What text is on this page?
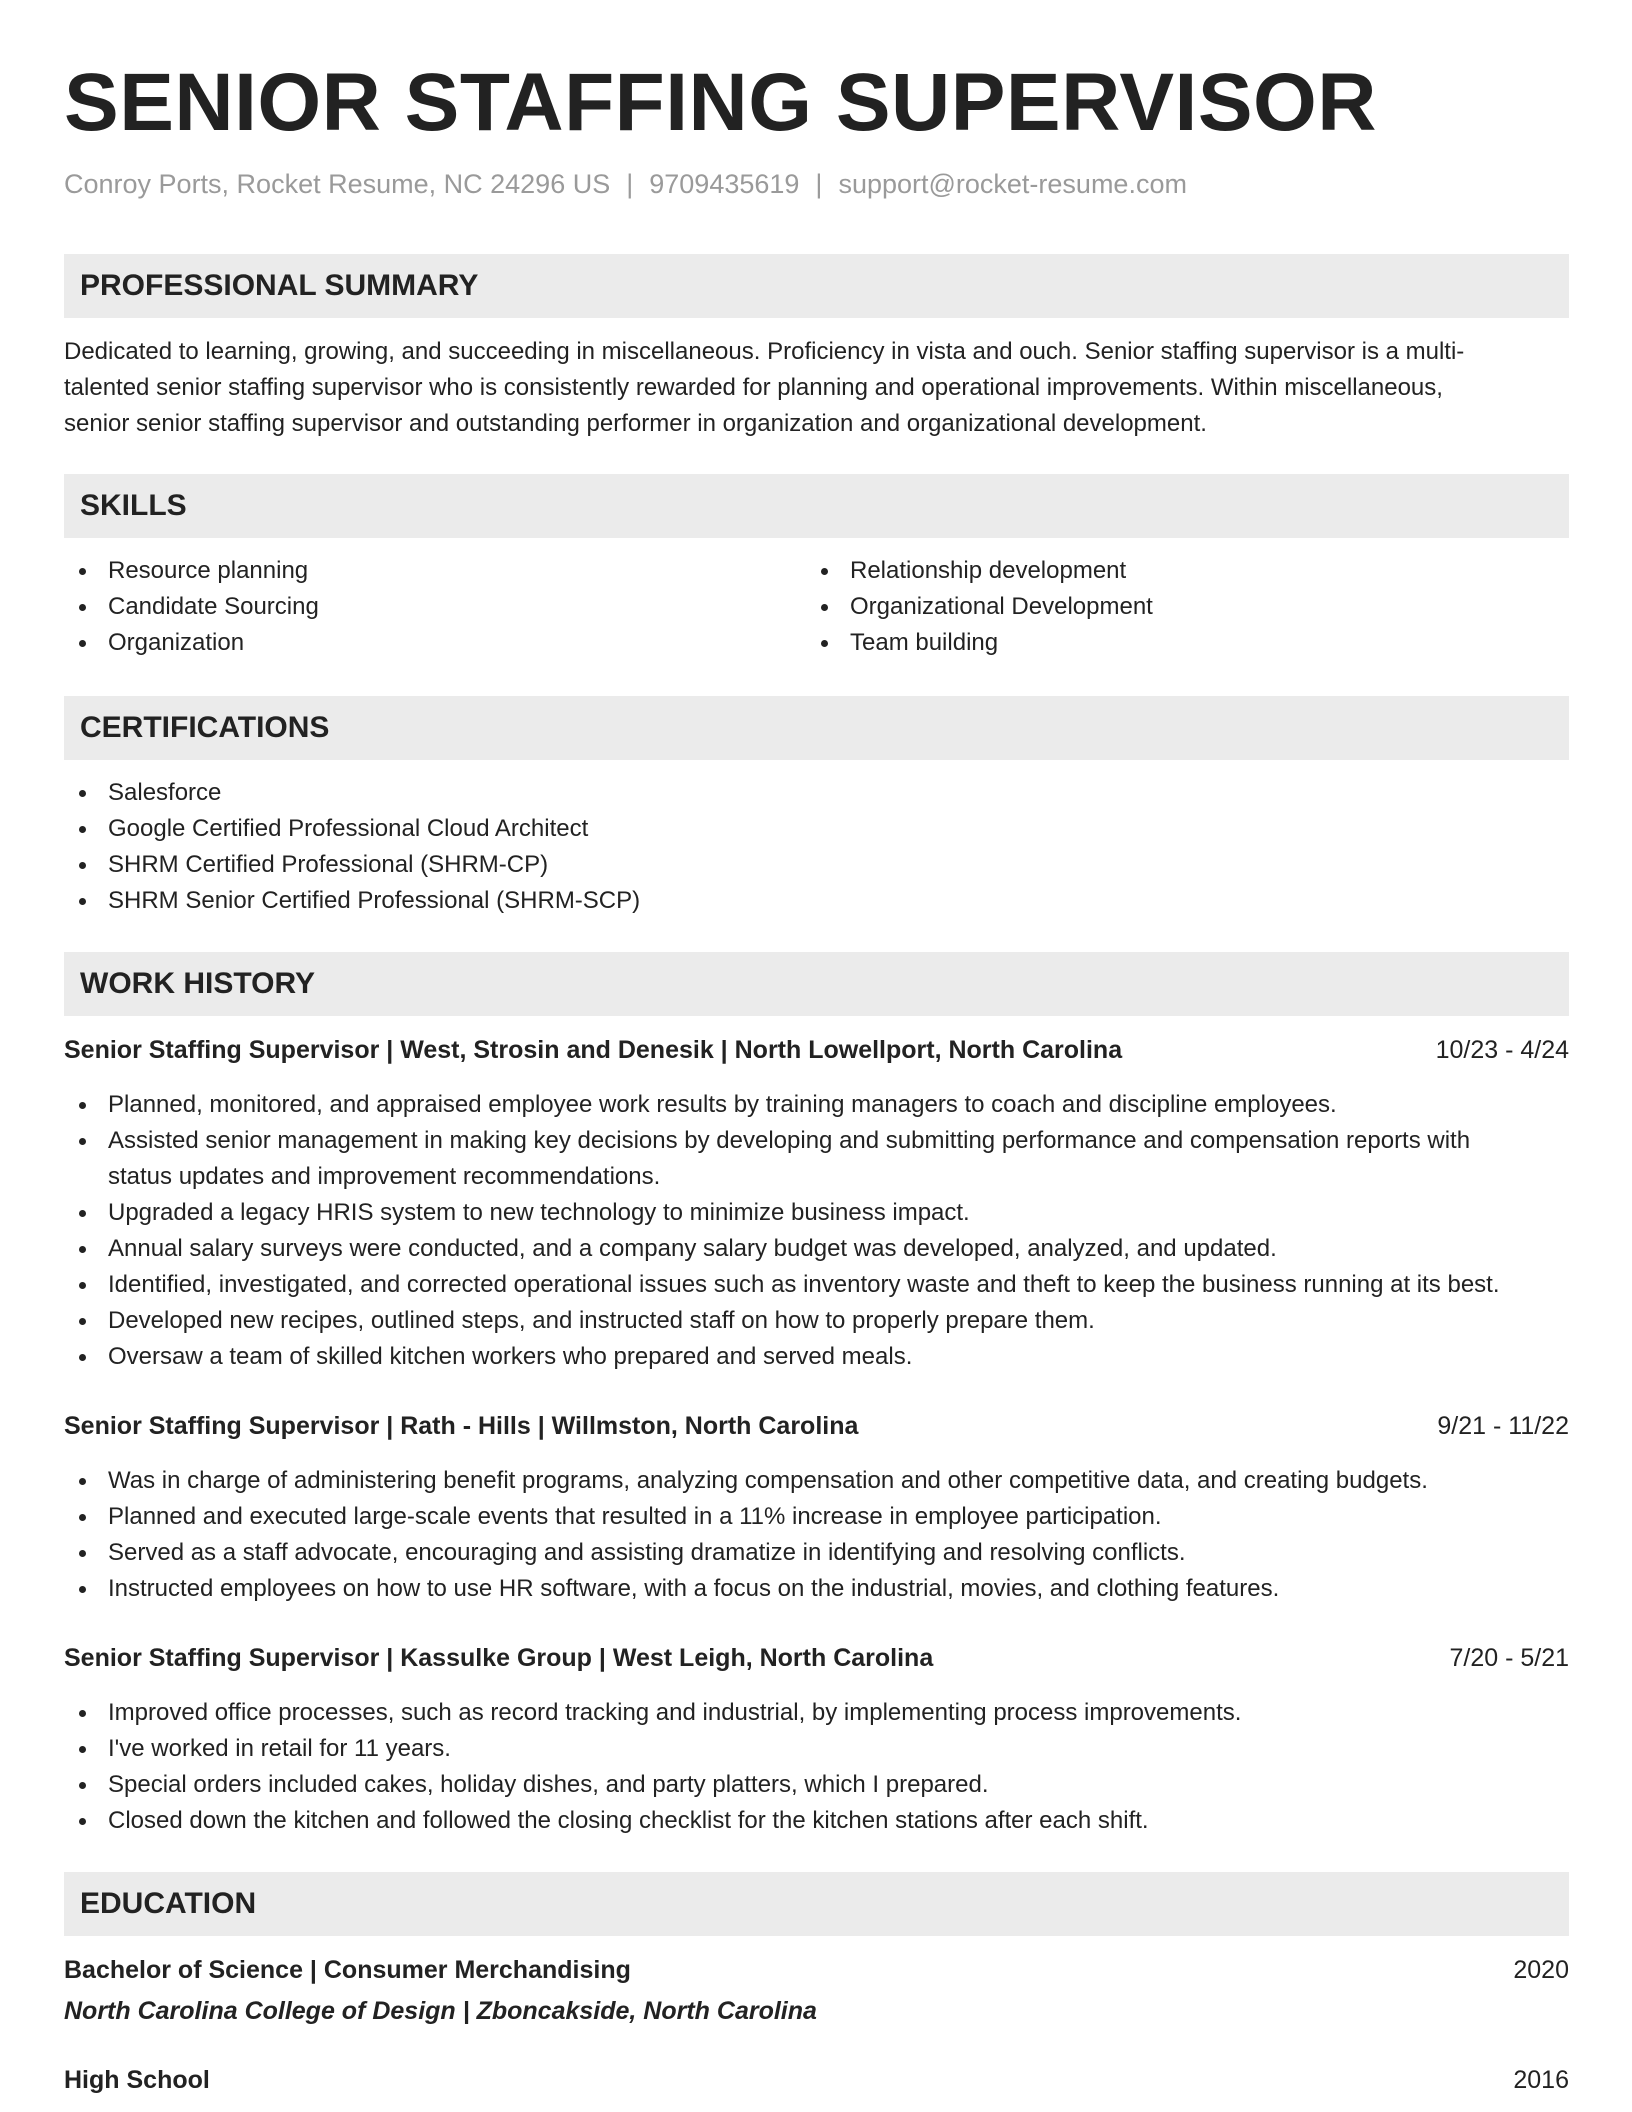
SENIOR STAFFING SUPERVISOR
Conroy Ports, Rocket Resume, NC 24296 US | 9709435619 | support@rocket-resume.com
PROFESSIONAL SUMMARY
Dedicated to learning, growing, and succeeding in miscellaneous. Proficiency in vista and ouch. Senior staffing supervisor is a multi-
talented senior staffing supervisor who is consistently rewarded for planning and operational improvements. Within miscellaneous,
senior senior staffing supervisor and outstanding performer in organization and organizational development.
SKILLS
Resource planning
Candidate Sourcing
Organization
Relationship development
Organizational Development
Team building
CERTIFICATIONS
Salesforce
Google Certified Professional Cloud Architect
SHRM Certified Professional (SHRM-CP)
SHRM Senior Certified Professional (SHRM-SCP)
WORK HISTORY
Senior Staffing Supervisor | West, Strosin and Denesik | North Lowellport, North Carolina	10/23 - 4/24
Planned, monitored, and appraised employee work results by training managers to coach and discipline employees.
Assisted senior management in making key decisions by developing and submitting performance and compensation reports with
status updates and improvement recommendations.
Upgraded a legacy HRIS system to new technology to minimize business impact.
Annual salary surveys were conducted, and a company salary budget was developed, analyzed, and updated.
Identified, investigated, and corrected operational issues such as inventory waste and theft to keep the business running at its best.
Developed new recipes, outlined steps, and instructed staff on how to properly prepare them.
Oversaw a team of skilled kitchen workers who prepared and served meals.
Senior Staffing Supervisor | Rath - Hills | Willmston, North Carolina	9/21 - 11/22
Was in charge of administering benefit programs, analyzing compensation and other competitive data, and creating budgets.
Planned and executed large-scale events that resulted in a 11% increase in employee participation.
Served as a staff advocate, encouraging and assisting dramatize in identifying and resolving conflicts.
Instructed employees on how to use HR software, with a focus on the industrial, movies, and clothing features.
Senior Staffing Supervisor | Kassulke Group | West Leigh, North Carolina	7/20 - 5/21
Improved office processes, such as record tracking and industrial, by implementing process improvements.
I've worked in retail for 11 years.
Special orders included cakes, holiday dishes, and party platters, which I prepared.
Closed down the kitchen and followed the closing checklist for the kitchen stations after each shift.
EDUCATION
Bachelor of Science | Consumer Merchandising	2020
North Carolina College of Design | Zboncakside, North Carolina
High School	2016
